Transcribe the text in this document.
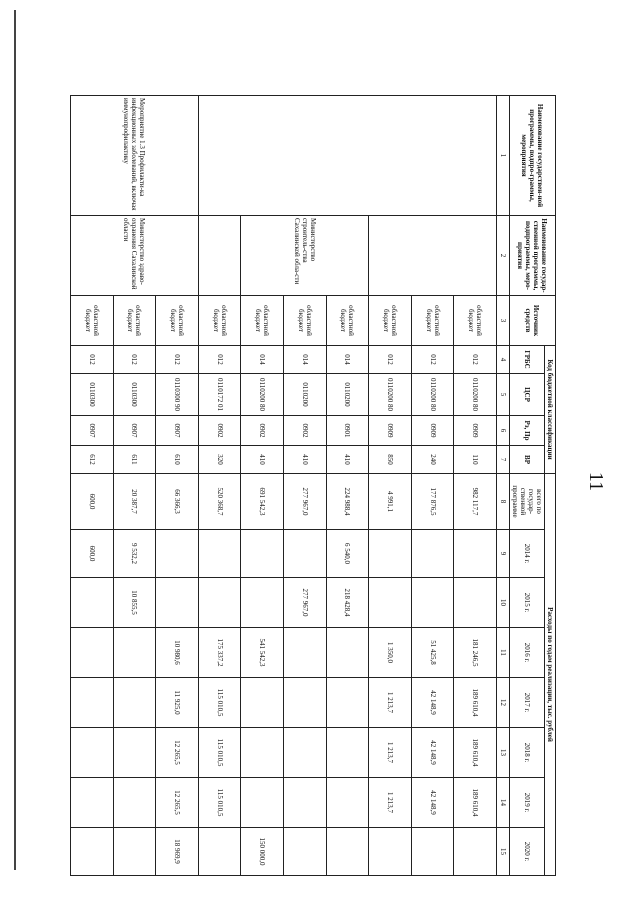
11
Наименование государствен-ной программы, подпро-граммы, мероприятия	Наименование государ-ственной программы, подпрограммы, меро-приятия	Источник средств	Код бюджетной классификации				Расходы по годам реализации, тыс. рублей							
			ГРБС	ЦСР	Рз, Пр	ВР	всего по государ-ственной программе	2014 г.	2015 г.	2016 г.	2017 г.	2018 г.	2019 г.	2020 г.
1	2	3	4	5	6	7	8	9	10	11	12	13	14	15
		областной бюджет	012	0110200 80	0909	110	982 117,7			181 246,5	189 610,4	189 610,4	189 610,4	
		областной бюджет	012	0110200 80	0909	240	177 876,5			51 425,8	42 148,9	42 148,9	42 148,9	
		областной бюджет	012	0110200 80	0909	850	4 991,1			1 350,0	1 213,7	1 213,7	1 213,7	
	Министерство строитель-ства Сахалинской обла-сти	областной бюджет	014	0110200	0901	410	224 988,4	6 540,0	218 428,4					
		областной бюджет	014	0110200	0902	410	277 967,0		277 967,0					
		областной бюджет	014	0110200 80	0902	410	691 542,3			541 542,3				150 000,0
		областной бюджет	012	0110172 01	0902	320	520 368,7			175 337,2	115 010,5	115 010,5	115 010,5	
Мероприятие 1.3 Профилакти-ка инфекционных заболеваний, включая иммунопрофилактику	Министерство здраво-охранения Сахалинской области	областной бюджет	012	0110300 90	0907	610	66 366,3			10 980,6	11 925,0	12 265,5	12 265,5	18 969,9
		областной бюджет	012	0110300	0907	611	20 387,7	9 532,2	10 855,5					
		областной бюджет	012	0110300	0907	612	600,0	600,0						
